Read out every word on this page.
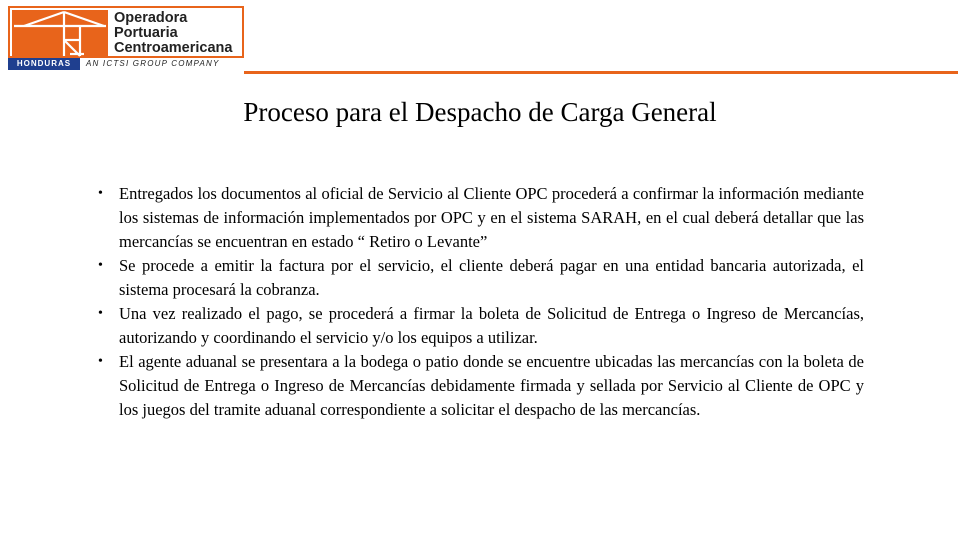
Operadora
Portuaria
Centroamericana
HONDURAS	AN ICTSI GROUP COMPANY
Proceso para el Despacho de Carga General
• Entregados los documentos al oficial de Servicio al Cliente OPC procederá a confirmar la información mediante los sistemas de información implementados por OPC y en el sistema SARAH, en el cual deberá detallar que las mercancías se encuentran en estado “ Retiro o Levante”
• Se procede a emitir la factura por el servicio, el cliente deberá pagar en una entidad bancaria autorizada, el sistema procesará la cobranza.
• Una vez realizado el pago, se procederá a firmar la boleta de Solicitud de Entrega o Ingreso de Mercancías, autorizando y coordinando el servicio y/o los equipos a utilizar.
• El agente aduanal se presentara a la bodega o patio donde se encuentre ubicadas las mercancías con la boleta de Solicitud de Entrega o Ingreso de Mercancías debidamente firmada y sellada por Servicio al Cliente de OPC y los juegos del tramite aduanal correspondiente a solicitar el despacho de las mercancías.
